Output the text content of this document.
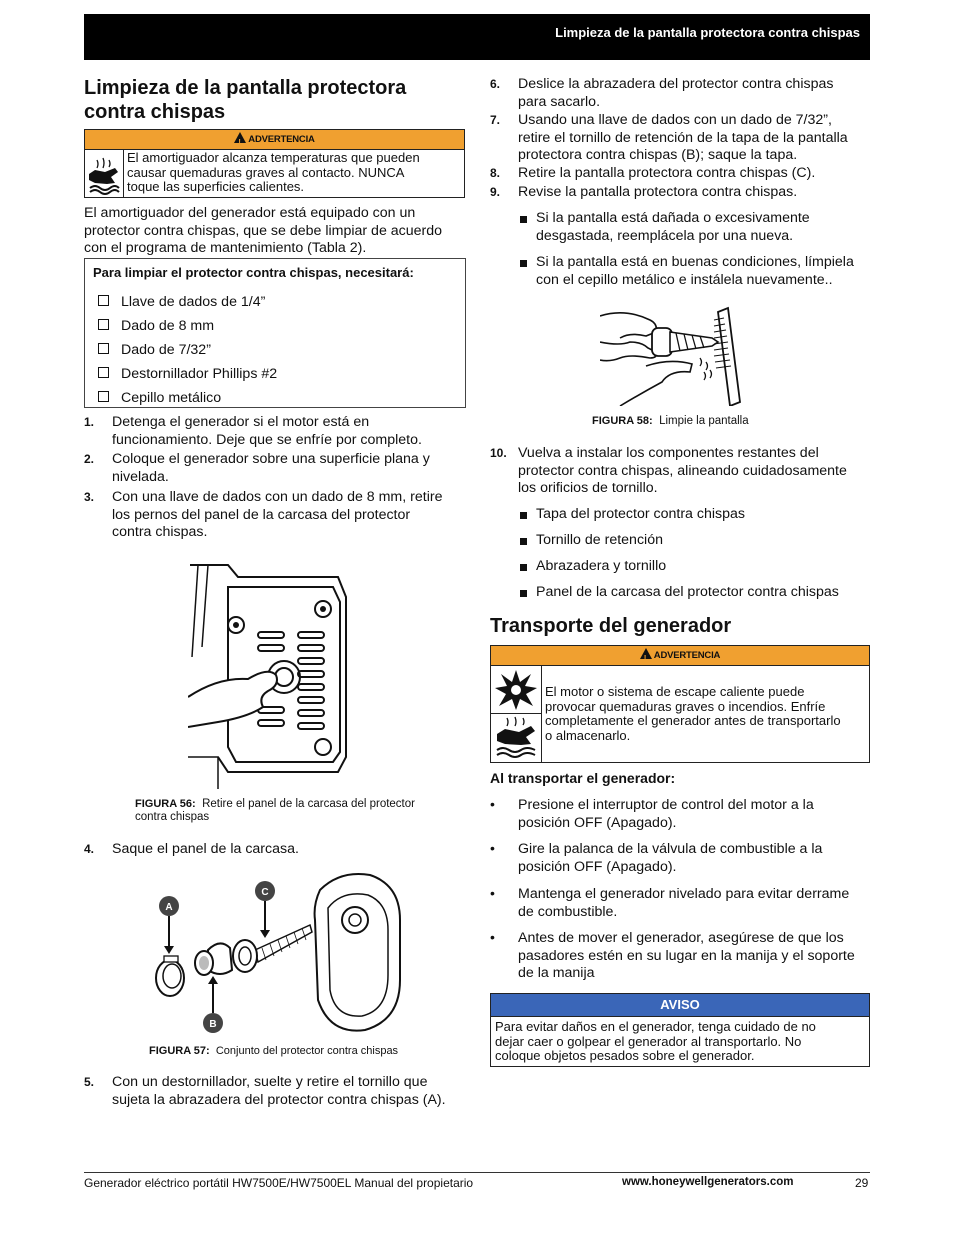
Limpieza de la pantalla protectora contra chispas
Limpieza de la pantalla protectora
contra chispas
!ADVERTENCIA
El amortiguador alcanza temperaturas que pueden
causar quemaduras graves al contacto. NUNCA
toque las superficies calientes.
El amortiguador del generador está equipado con un
protector contra chispas, que se debe limpiar de acuerdo
con el programa de mantenimiento (Tabla 2).
Para limpiar el protector contra chispas, necesitará:
Llave de dados de 1/4”
Dado de 8 mm
Dado de 7/32”
Destornillador Phillips #2
Cepillo metálico
1. Detenga el generador si el motor está en
funcionamiento. Deje que se enfríe por completo.
2. Coloque el generador sobre una superficie plana y
nivelada.
3. Con una llave de dados con un dado de 8 mm, retire
los pernos del panel de la carcasa del protector
contra chispas.
FIGURA 56: Retire el panel de la carcasa del protector
contra chispas
4. Saque el panel de la carcasa.
A
B
C
FIGURA 57: Conjunto del protector contra chispas
5. Con un destornillador, suelte y retire el tornillo que
sujeta la abrazadera del protector contra chispas (A).
6. Deslice la abrazadera del protector contra chispas
para sacarlo.
7. Usando una llave de dados con un dado de 7/32”,
retire el tornillo de retención de la tapa de la pantalla
protectora contra chispas (B); saque la tapa.
8. Retire la pantalla protectora contra chispas (C).
9. Revise la pantalla protectora contra chispas.
Si la pantalla está dañada o excesivamente
desgastada, reemplácela por una nueva.
Si la pantalla está en buenas condiciones, límpiela
con el cepillo metálico e instálela nuevamente..
FIGURA 58: Limpie la pantalla
10. Vuelva a instalar los componentes restantes del
protector contra chispas, alineando cuidadosamente
los orificios de tornillo.
Tapa del protector contra chispas
Tornillo de retención
Abrazadera y tornillo
Panel de la carcasa del protector contra chispas
Transporte del generador
!ADVERTENCIA
El motor o sistema de escape caliente puede
provocar quemaduras graves o incendios. Enfríe
completamente el generador antes de transportarlo
o almacenarlo.
Al transportar el generador:
• Presione el interruptor de control del motor a la
posición OFF (Apagado).
• Gire la palanca de la válvula de combustible a la
posición OFF (Apagado).
• Mantenga el generador nivelado para evitar derrame
de combustible.
• Antes de mover el generador, asegúrese de que los
pasadores estén en su lugar en la manija y el soporte
de la manija
AVISO
Para evitar daños en el generador, tenga cuidado de no
dejar caer o golpear el generador al transportarlo. No
coloque objetos pesados sobre el generador.
Generador eléctrico portátil HW7500E/HW7500EL Manual del propietario	www.honeywellgenerators.com	29
